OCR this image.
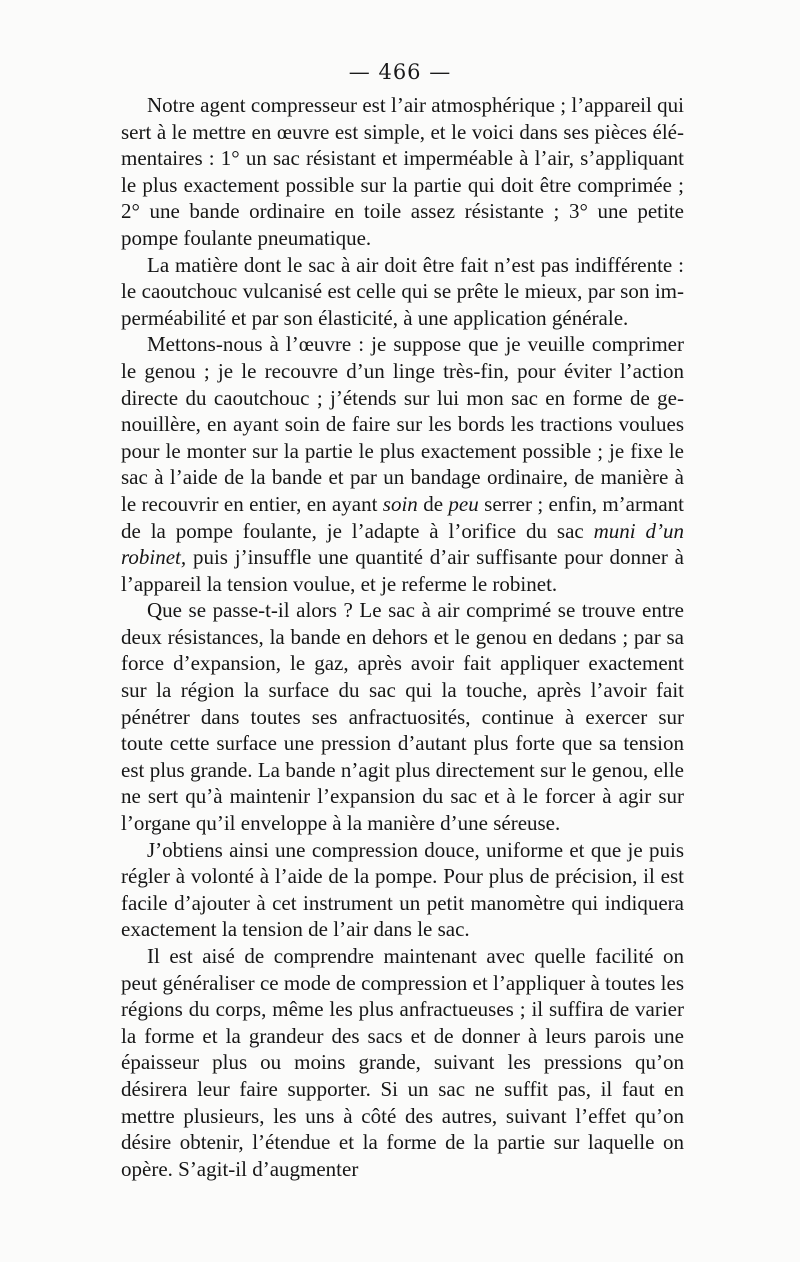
— 466 —

Notre agent compresseur est l’air atmosphérique ; l’appareil qui sert à le mettre en œuvre est simple, et le voici dans ses pièces élémentaires : 1° un sac résistant et imperméable à l’air, s’appliquant le plus exactement possible sur la partie qui doit être comprimée ; 2° une bande ordinaire en toile assez résistante ; 3° une petite pompe foulante pneumatique.

La matière dont le sac à air doit être fait n’est pas indifférente : le caoutchouc vulcanisé est celle qui se prête le mieux, par son imperméabilité et par son élasticité, à une application générale.

Mettons-nous à l’œuvre : je suppose que je veuille comprimer le genou ; je le recouvre d’un linge très-fin, pour éviter l’action directe du caoutchouc ; j’étends sur lui mon sac en forme de genouillère, en ayant soin de faire sur les bords les tractions voulues pour le monter sur la partie le plus exactement possible ; je fixe le sac à l’aide de la bande et par un bandage ordinaire, de manière à le recouvrir en entier, en ayant soin de peu serrer ; enfin, m’armant de la pompe foulante, je l’adapte à l’orifice du sac muni d’un robinet, puis j’insuffle une quantité d’air suffisante pour donner à l’appareil la tension voulue, et je referme le robinet.

Que se passe-t-il alors ? Le sac à air comprimé se trouve entre deux résistances, la bande en dehors et le genou en dedans ; par sa force d’expansion, le gaz, après avoir fait appliquer exactement sur la région la surface du sac qui la touche, après l’avoir fait pénétrer dans toutes ses anfractuosités, continue à exercer sur toute cette surface une pression d’autant plus forte que sa tension est plus grande. La bande n’agit plus directement sur le genou, elle ne sert qu’à maintenir l’expansion du sac et à le forcer à agir sur l’organe qu’il enveloppe à la manière d’une séreuse.

J’obtiens ainsi une compression douce, uniforme et que je puis régler à volonté à l’aide de la pompe. Pour plus de précision, il est facile d’ajouter à cet instrument un petit manomètre qui indiquera exactement la tension de l’air dans le sac.

Il est aisé de comprendre maintenant avec quelle facilité on peut généraliser ce mode de compression et l’appliquer à toutes les régions du corps, même les plus anfractueuses ; il suffira de varier la forme et la grandeur des sacs et de donner à leurs parois une épaisseur plus ou moins grande, suivant les pressions qu’on désirera leur faire supporter. Si un sac ne suffit pas, il faut en mettre plusieurs, les uns à côté des autres, suivant l’effet qu’on désire obtenir, l’étendue et la forme de la partie sur laquelle on opère. S’agit-il d’augmenter
